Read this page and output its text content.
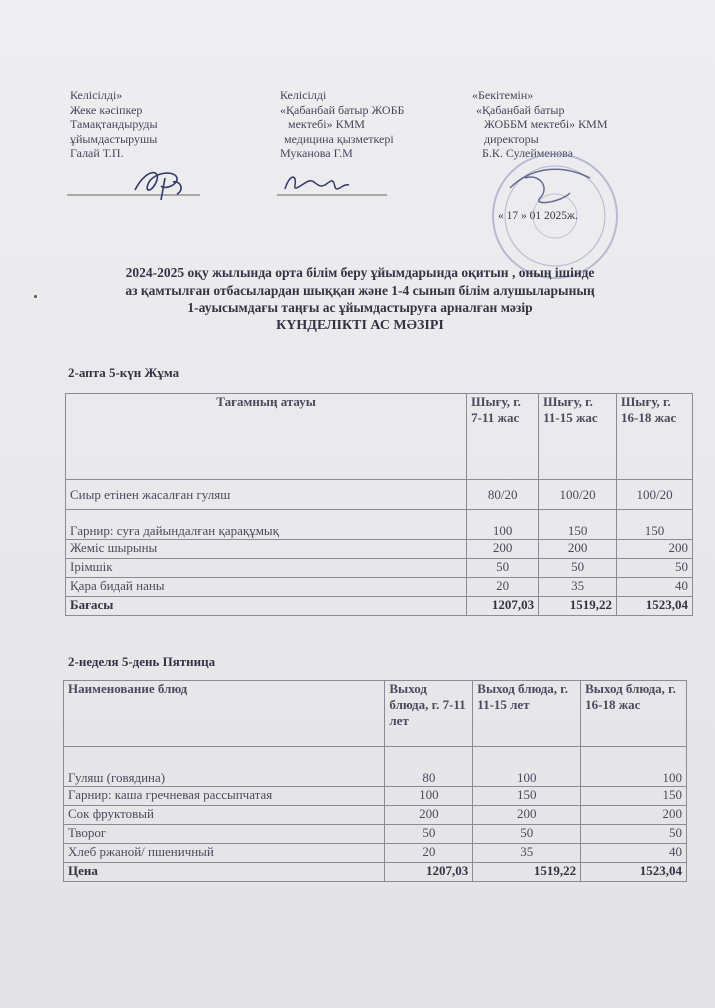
Келісілді»
Жеке кәсіпкер
Тамақтандыруды
ұйымдастырушы
Галай Т.П.
Келісілді
«Қабанбай батыр ЖОББ
мектебі» КММ
медицина қызметкері
Муканова Г.М
«Бекітемін»
«Қабанбай батыр
ЖОББМ мектебі» КММ
директоры
Б.К. Сулейменова
« 17 » 01 2025ж.
2024-2025 оқу жылында орта білім беру ұйымдарында оқитын , оның ішінде
аз қамтылған отбасылардан шыққан және 1-4 сынып білім алушыларының
1-ауысымдағы таңғы ас ұйымдастыруға арналған мәзір
КҮНДЕЛІКТІ АС МӘЗІРІ
2-апта 5-күн Жұма
Тағамның атауы	Шығу, г. 7-11 жас	Шығу, г. 11-15 жас	Шығу, г. 16-18 жас
Сиыр етінен жасалған гуляш	80/20	100/20	100/20
Гарнир: суға дайындалған қарақұмық	100	150	150
Жеміс шырыны	200	200	200
Ірімшік	50	50	50
Қара бидай наны	20	35	40
Бағасы	1207,03	1519,22	1523,04
2-неделя 5-день Пятница
Наименование блюд	Выход блюда, г. 7-11 лет	Выход блюда, г. 11-15 лет	Выход блюда, г. 16-18 жас
Гуляш (говядина)	80	100	100
Гарнир: каша гречневая рассыпчатая	100	150	150
Сок фруктовый	200	200	200
Творог	50	50	50
Хлеб ржаной/ пшеничный	20	35	40
Цена	1207,03	1519,22	1523,04
